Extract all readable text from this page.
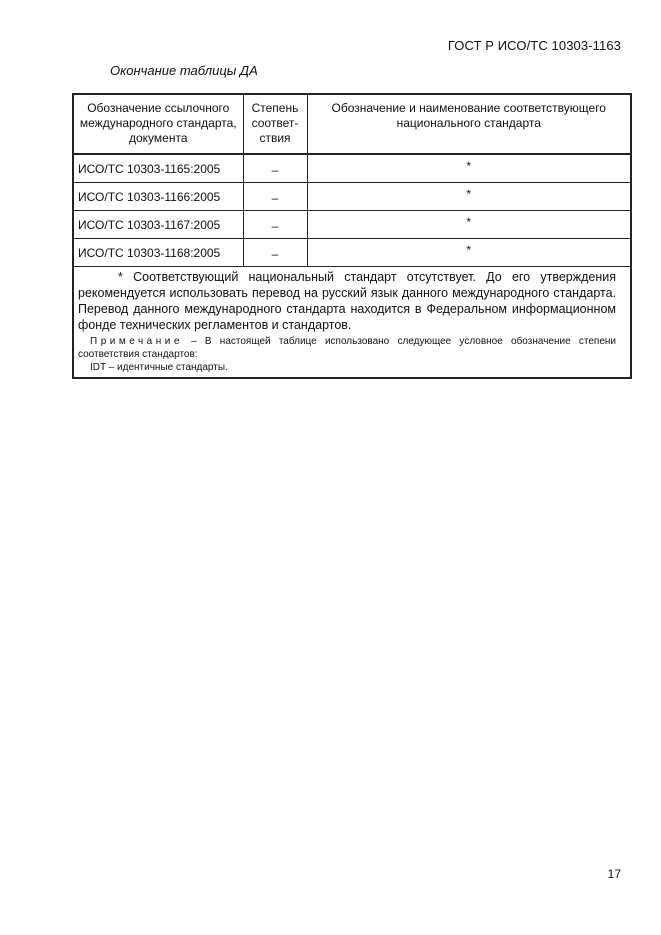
ГОСТ Р ИСО/ТС 10303-1163
Окончание таблицы ДА
Обозначение ссылочного международного стандарта, документа	Степень соответ-ствия	Обозначение и наименование соответствующего национального стандарта
ИСО/ТС 10303-1165:2005	–	*
ИСО/ТС 10303-1166:2005	–	*
ИСО/ТС 10303-1167:2005	–	*
ИСО/ТС 10303-1168:2005	–	*

* Соответствующий национальный стандарт отсутствует. До его утверждения рекомендуется использовать перевод на русский язык данного международного стандарта. Перевод данного международного стандарта находится в Федеральном информационном фонде технических регламентов и стандартов.

Примечание – В настоящей таблице использовано следующее условное обозначение степени соответствия стандартов:

IDT – идентичные стандарты.		

17
